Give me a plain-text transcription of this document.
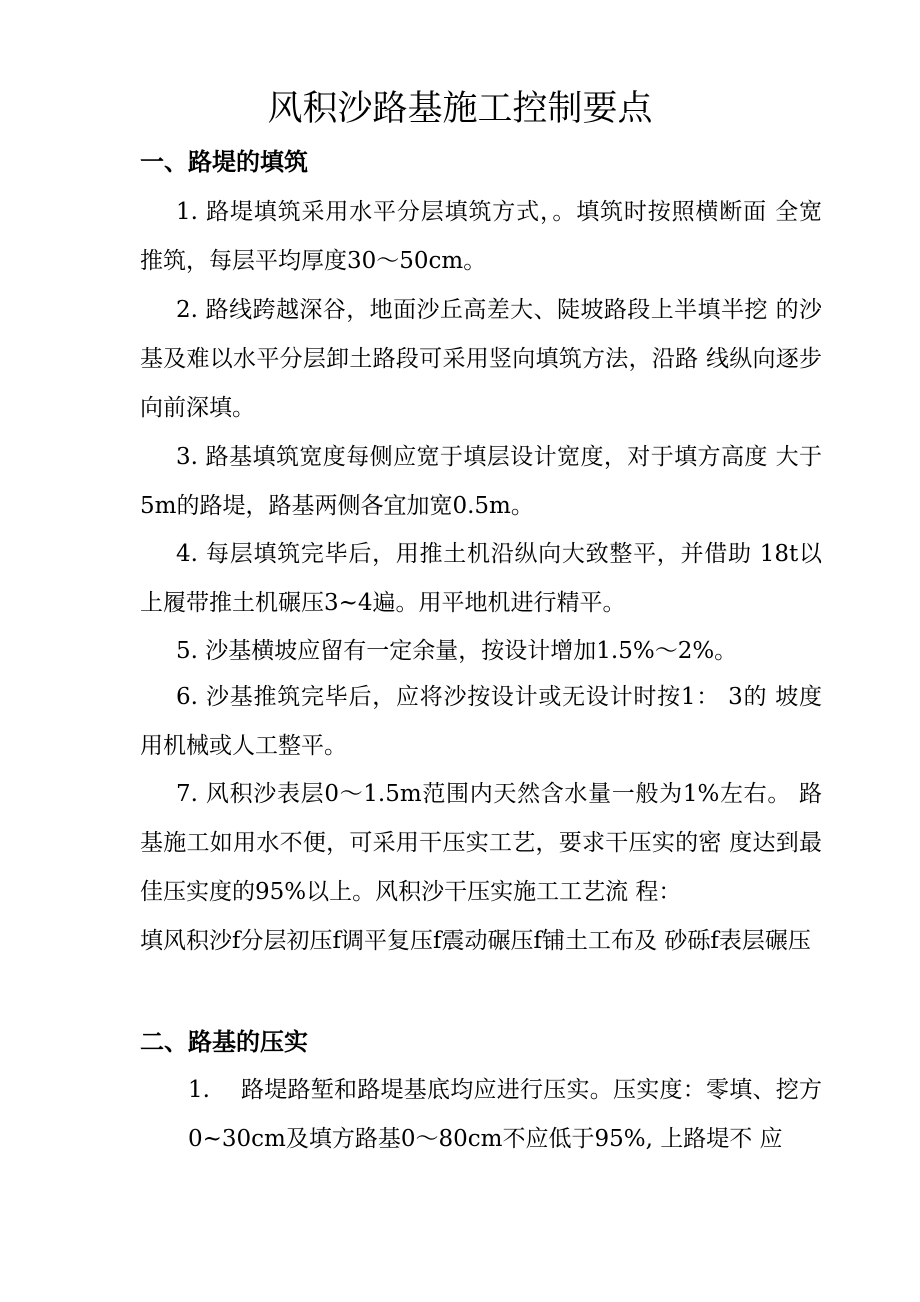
风积沙路基施工控制要点
一、路堤的填筑

1. 路堤填筑采用水平分层填筑方式，。填筑时按照横断面 全宽推筑，每层平均厚度30〜50cm。

2. 路线跨越深谷，地面沙丘高差大、陡坡路段上半填半挖 的沙基及难以水平分层卸土路段可采用竖向填筑方法，沿路 线纵向逐步向前深填。

3. 路基填筑宽度每侧应宽于填层设计宽度，对于填方高度 大于5m的路堤，路基两侧各宜加宽0.5m。

4. 每层填筑完毕后，用推土机沿纵向大致整平，并借助 18t以上履带推土机碾压3~4遍。用平地机进行精平。

5. 沙基横坡应留有一定余量，按设计增加1.5%〜2%。

6. 沙基推筑完毕后，应将沙按设计或无设计时按1： 3的 坡度用机械或人工整平。

7. 风积沙表层0〜1.5m范围内天然含水量一般为1%左右。 路基施工如用水不便，可采用干压实工艺，要求干压实的密 度达到最佳压实度的95%以上。风积沙干压实施工工艺流 程：

填风积沙f分层初压f调平复压f震动碾压f铺土工布及 砂砾f表层碾压

二、路基的压实

1.　 路堤路堑和路堤基底均应进行压实。压实度：零填、挖方0~30cm及填方路基0〜80cm不应低于95%, 上路堤不 应
